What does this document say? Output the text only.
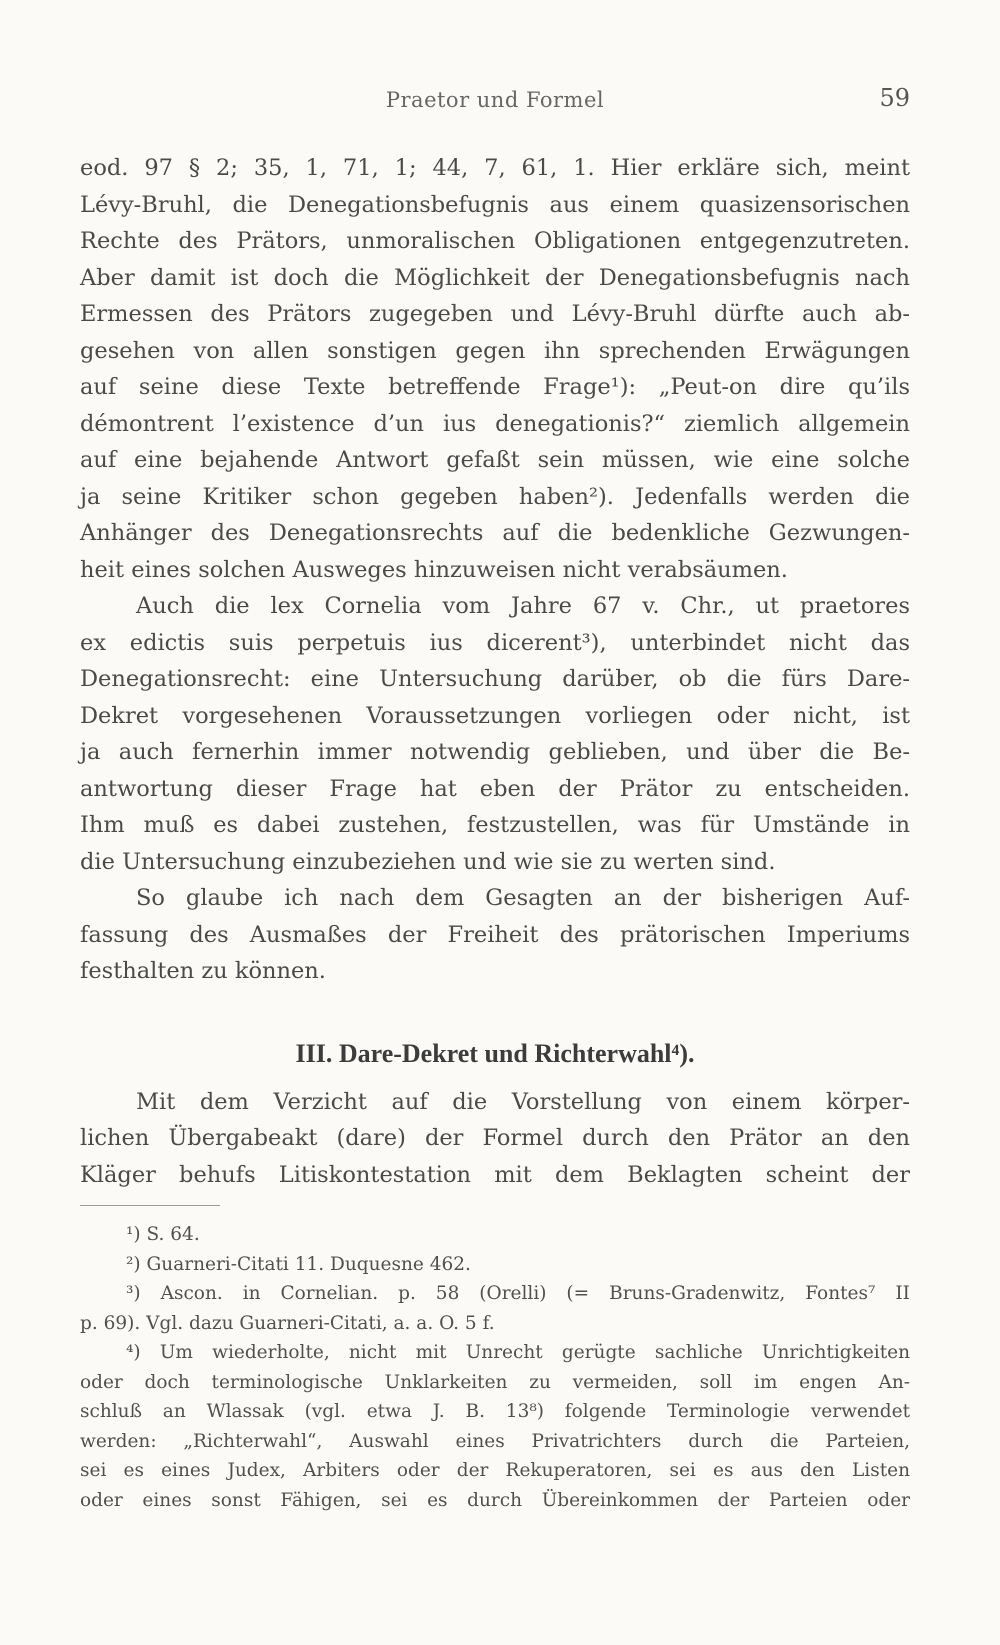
Praetor und Formel	59
eod. 97 § 2; 35, 1, 71, 1; 44, 7, 61, 1. Hier erkläre sich, meint
Lévy-Bruhl, die Denegationsbefugnis aus einem quasizensorischen
Rechte des Prätors, unmoralischen Obligationen entgegenzutreten.
Aber damit ist doch die Möglichkeit der Denegationsbefugnis nach
Ermessen des Prätors zugegeben und Lévy-Bruhl dürfte auch ab-
gesehen von allen sonstigen gegen ihn sprechenden Erwägungen
auf seine diese Texte betreffende Frage¹): „Peut-on dire qu’ils
démontrent l’existence d’un ius denegationis?“ ziemlich allgemein
auf eine bejahende Antwort gefaßt sein müssen, wie eine solche
ja seine Kritiker schon gegeben haben²). Jedenfalls werden die
Anhänger des Denegationsrechts auf die bedenkliche Gezwungen-
heit eines solchen Ausweges hinzuweisen nicht verabsäumen.
Auch die lex Cornelia vom Jahre 67 v. Chr., ut praetores
ex edictis suis perpetuis ius dicerent³), unterbindet nicht das
Denegationsrecht: eine Untersuchung darüber, ob die fürs Dare-
Dekret vorgesehenen Voraussetzungen vorliegen oder nicht, ist
ja auch fernerhin immer notwendig geblieben, und über die Be-
antwortung dieser Frage hat eben der Prätor zu entscheiden.
Ihm muß es dabei zustehen, festzustellen, was für Umstände in
die Untersuchung einzubeziehen und wie sie zu werten sind.
So glaube ich nach dem Gesagten an der bisherigen Auf-
fassung des Ausmaßes der Freiheit des prätorischen Imperiums
festhalten zu können.
III. Dare-Dekret und Richterwahl⁴).
Mit dem Verzicht auf die Vorstellung von einem körper-
lichen Übergabeakt (dare) der Formel durch den Prätor an den
Kläger behufs Litiskontestation mit dem Beklagten scheint der
¹) S. 64.
²) Guarneri-Citati 11. Duquesne 462.
³) Ascon. in Cornelian. p. 58 (Orelli) (= Bruns-Gradenwitz, Fontes⁷ II
p. 69). Vgl. dazu Guarneri-Citati, a. a. O. 5 f.
⁴) Um wiederholte, nicht mit Unrecht gerügte sachliche Unrichtigkeiten
oder doch terminologische Unklarkeiten zu vermeiden, soll im engen An-
schluß an Wlassak (vgl. etwa J. B. 13⁸) folgende Terminologie verwendet
werden: „Richterwahl“, Auswahl eines Privatrichters durch die Parteien,
sei es eines Judex, Arbiters oder der Rekuperatoren, sei es aus den Listen
oder eines sonst Fähigen, sei es durch Übereinkommen der Parteien oder
